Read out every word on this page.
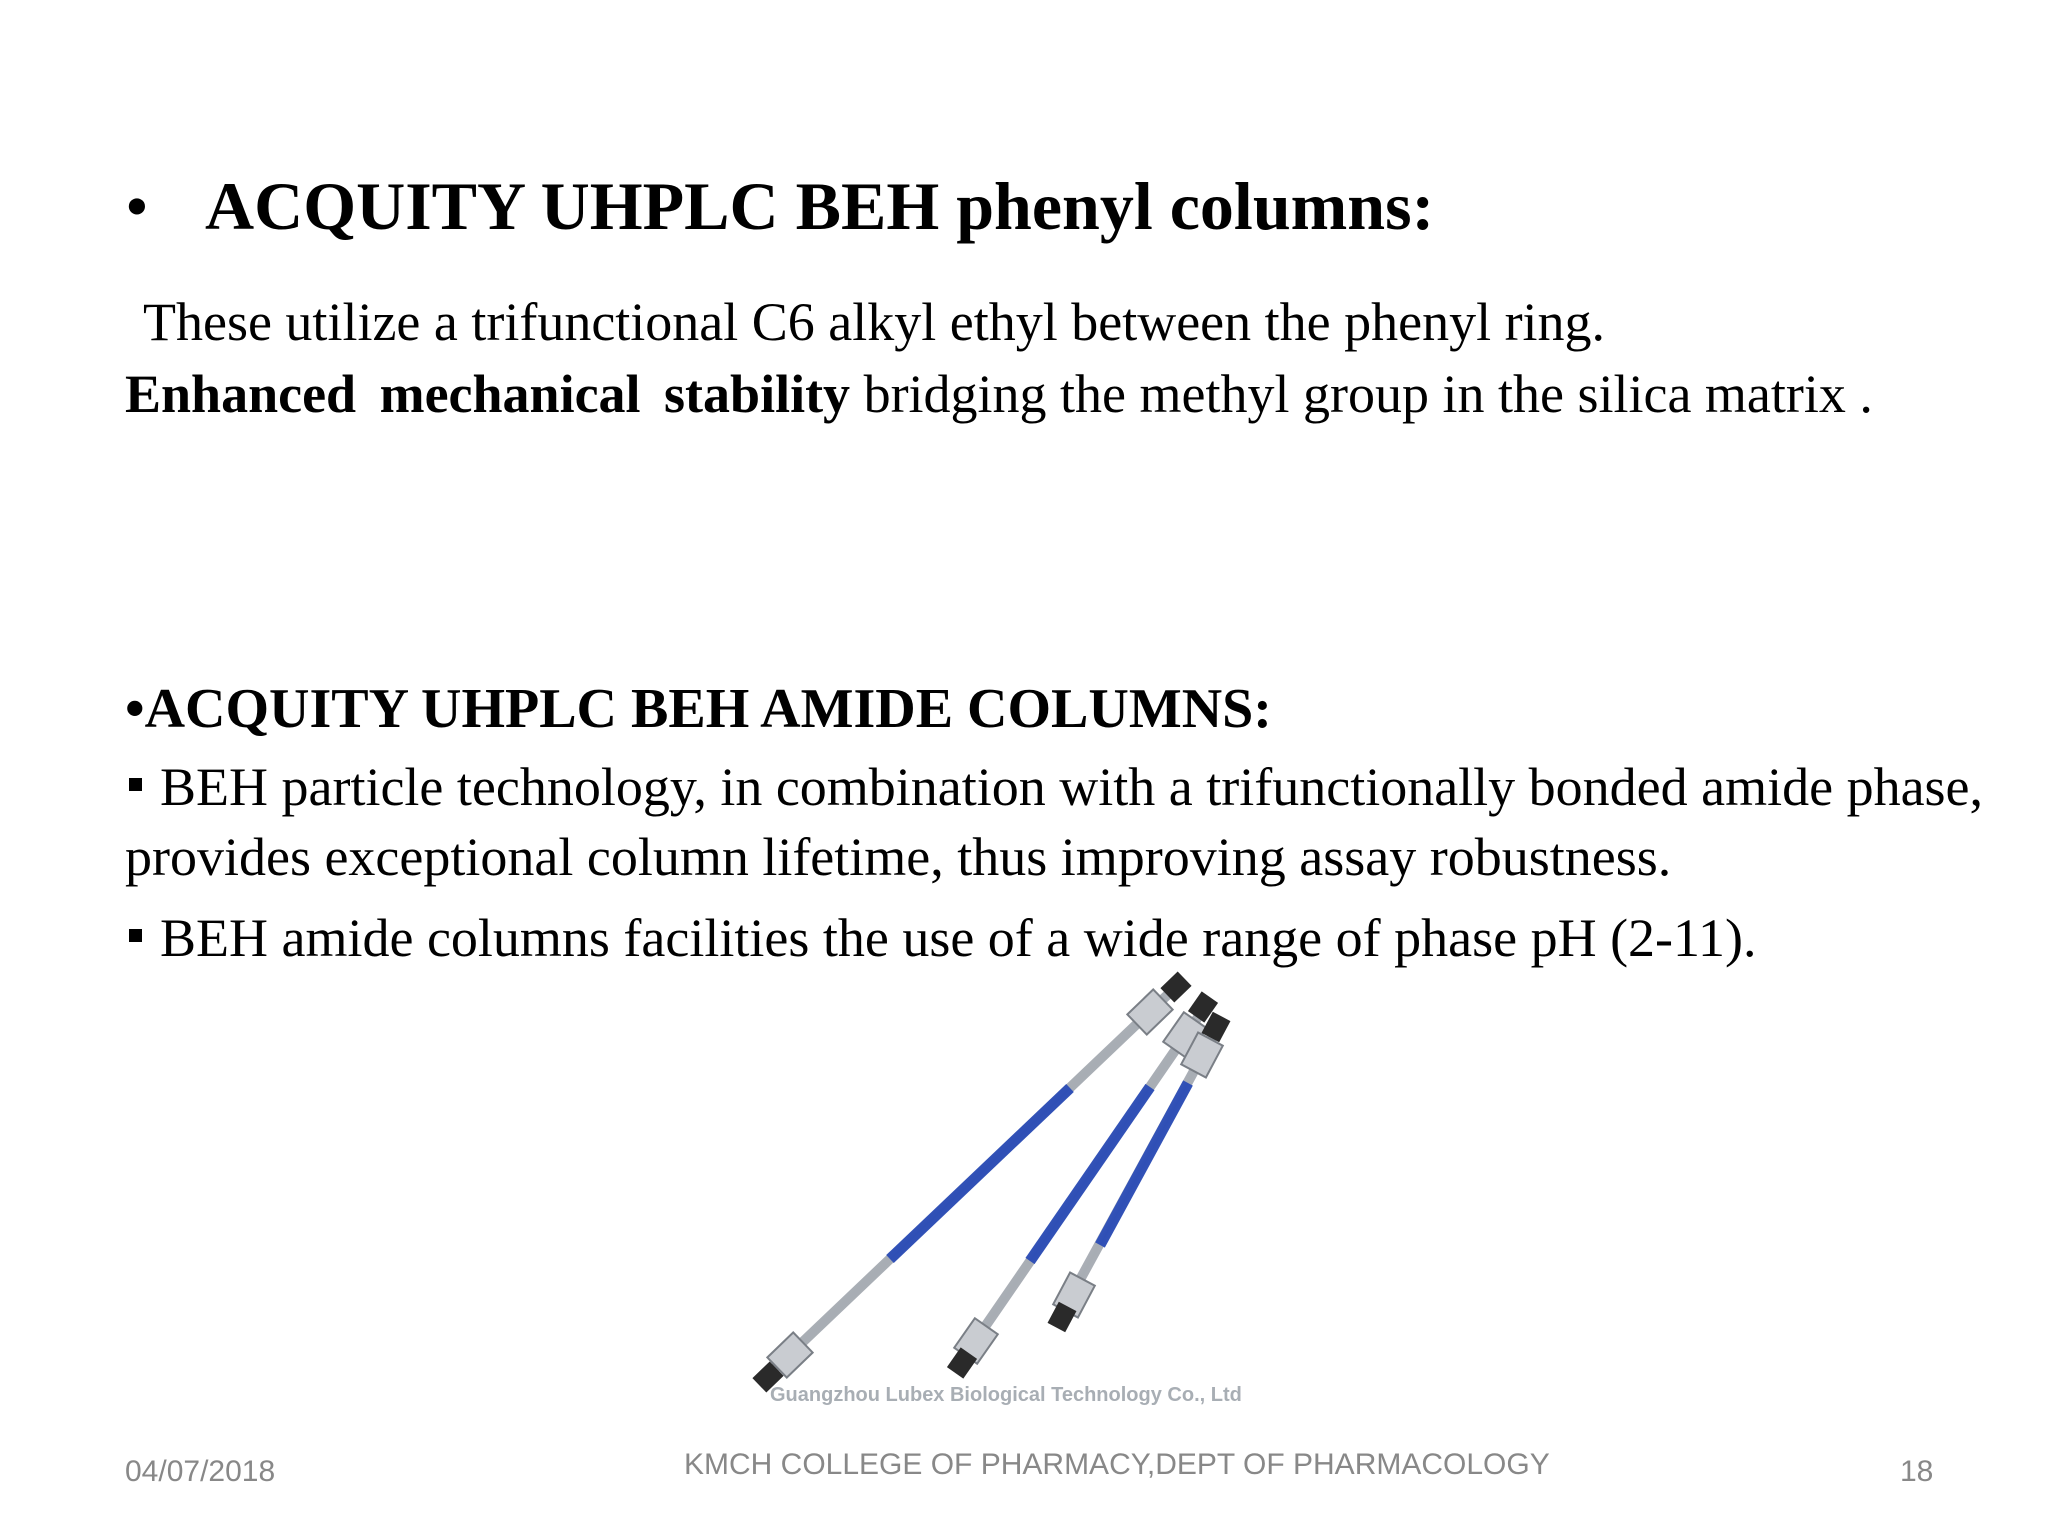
• ACQUITY UHPLC BEH phenyl columns:
These utilize a trifunctional C6 alkyl ethyl between the phenyl ring.
Enhanced mechanical stability bridging the methyl group in the silica matrix .
•ACQUITY UHPLC BEH AMIDE COLUMNS:
BEH particle technology, in combination with a trifunctionally bonded amide phase, provides exceptional column lifetime, thus improving assay robustness.
BEH amide columns facilities the use of a wide range of phase pH (2-11).
Guangzhou Lubex Biological Technology Co., Ltd
04/07/2018	KMCH COLLEGE OF PHARMACY,DEPT OF PHARMACOLOGY	18
